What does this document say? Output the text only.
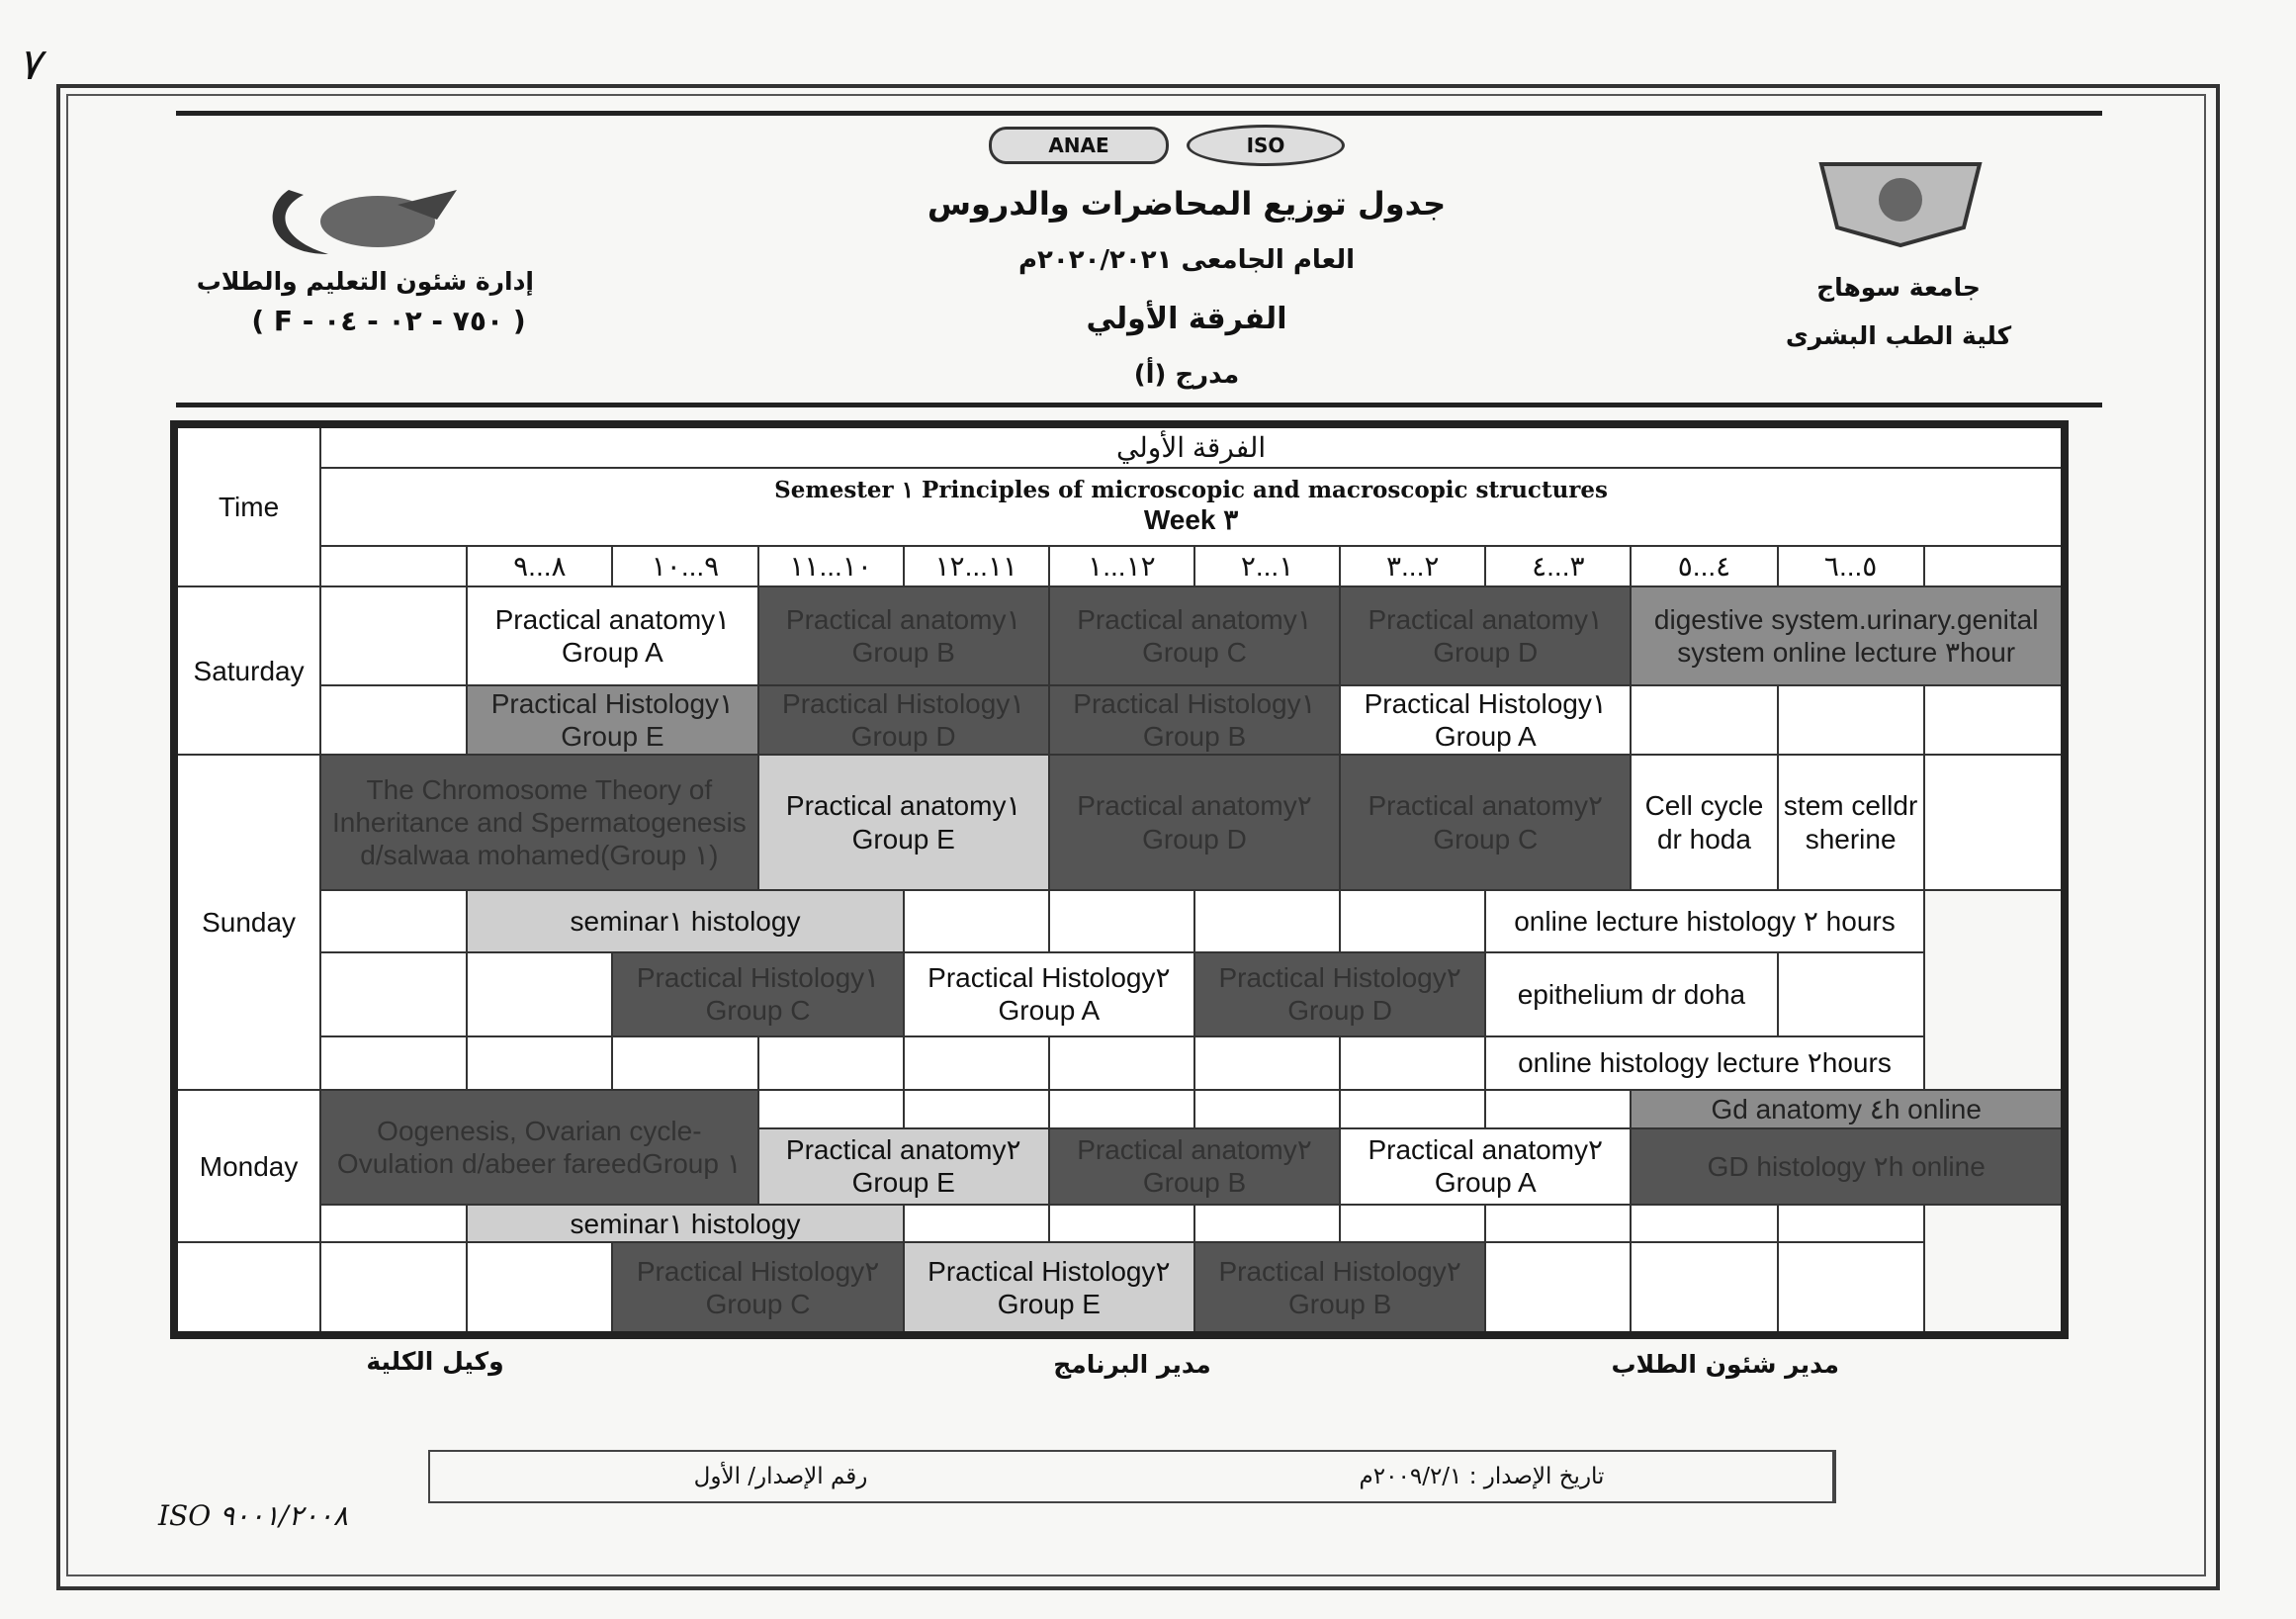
٧
ANAE	ISO
إدارة شئون التعليم والطلاب
( F - ٧٥٠ - ٠٢ - ٠٤ )
جامعة سوهاج
كلية الطب البشرى
جدول توزيع المحاضرات والدروس
العام الجامعى ٢٠٢٠/٢٠٢١م
الفرقة الأولي
مدرج (أ)
Time	الفرقة الأولي											

	Semester ١ Principles of microscopic and macroscopic structures
Week ٣											

		٨...٩	٩...١٠	١٠...١١	١١...١٢	١٢...١	١...٢	٢...٣	٣...٤	٤...٥	٥...٦	
Saturday		Practical anatomy١ Group A		Practical anatomy١ Group B		Practical anatomy١ Group C		Practical anatomy١ Group D		digestive system.urinary.genital system online lecture ٣hour		
		Practical Histology١ Group E		Practical Histology١ Group D		Practical Histology١ Group B		Practical Histology١ Group A				
Sunday	The Chromosome Theory of Inheritance and Spermatogenesis d/salwaa mohamed(Group ١)			Practical anatomy١ Group E		Practical anatomy٢ Group D		Practical anatomy٢ Group C		Cell cycle dr hoda	stem celldr sherine	
		seminar١ histology							online lecture histology ٢ hours			
			Practical Histology١ Group C		Practical Histology٢ Group A		Practical Histology٢ Group D		epithelium dr doha			
									online histology lecture ٢hours			
Monday	Oogenesis, Ovarian cycle- Ovulation d/abeer fareedGroup ١									Gd anatomy ٤h online		
				Practical anatomy٢ Group E		Practical anatomy٢ Group B		Practical anatomy٢ Group A		GD histology ٢h online		
		seminar١ histology										
			Practical Histology٢ Group C		Practical Histology٢ Group E		Practical Histology٢ Group B					
وكيل الكلية	مدير البرنامج	مدير شئون الطلاب
رقم الإصدار/ الأول	تاريخ الإصدار : ٢٠٠٩/٢/١م
ISO ٩٠٠١/٢٠٠٨
